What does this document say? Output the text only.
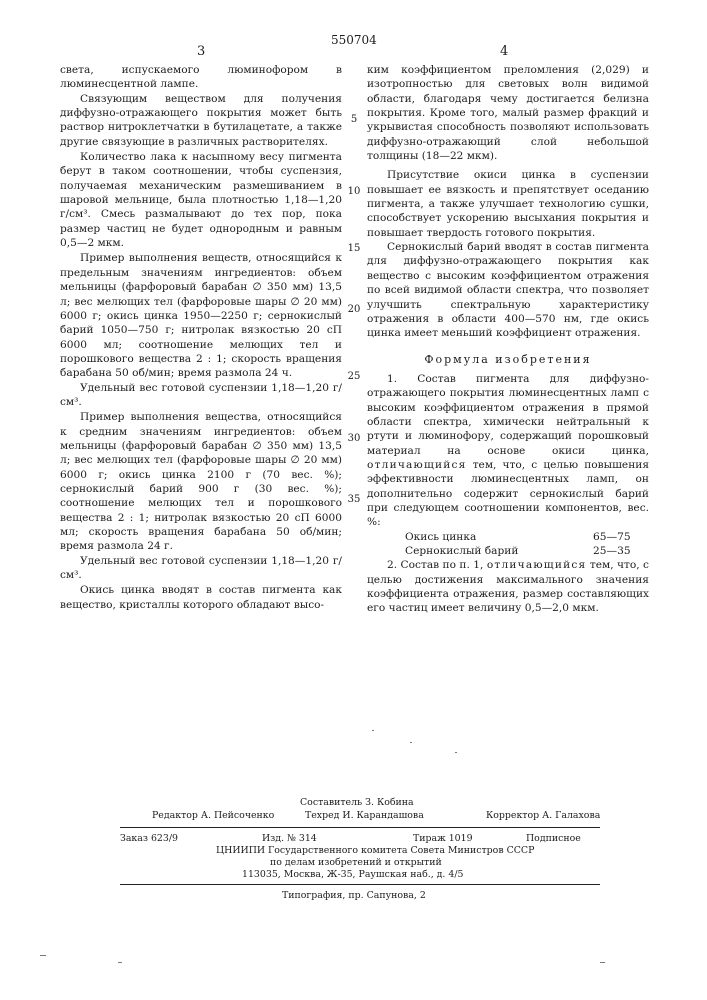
3
550704
4
5
10
15
20
25
30
35

света, испускаемого люминофором в люминесцентной лампе.

Связующим веществом для получения диффузно-отражающего покрытия может быть раствор нитроклетчатки в бутилацетате, а также другие связующие в различных растворителях.

Количество лака к насыпному весу пигмента берут в таком соотношении, чтобы суспензия, получаемая механическим размешиванием в шаровой мельнице, была плотностью 1,18—1,20 г/см³. Смесь размалывают до тех пор, пока размер частиц не будет однородным и равным 0,5—2 мкм.

Пример выполнения веществ, относящийся к предельным значениям ингредиентов: объем мельницы (фарфоровый барабан ∅ 350 мм) 13,5 л; вес мелющих тел (фарфоровые шары ∅ 20 мм) 6000 г; окись цинка 1950—2250 г; сернокислый барий 1050—750 г; нитролак вязкостью 20 сП 6000 мл; соотношение мелющих тел и порошкового вещества 2 : 1; скорость вращения барабана 50 об/мин; время размола 24 ч.

Удельный вес готовой суспензии 1,18—1,20 г/см³.

Пример выполнения вещества, относящийся к средним значениям ингредиентов: объем мельницы (фарфоровый барабан ∅ 350 мм) 13,5 л; вес мелющих тел (фарфоровые шары ∅ 20 мм) 6000 г; окись цинка 2100 г (70 вес. %); сернокислый барий 900 г (30 вес. %); соотношение мелющих тел и порошкового вещества 2 : 1; нитролак вязкостью 20 сП 6000 мл; скорость вращения барабана 50 об/мин; время размола 24 г.

Удельный вес готовой суспензии 1,18—1,20 г/см³.

Окись цинка вводят в состав пигмента как вещество, кристаллы которого обладают высо-

ким коэффициентом преломления (2,029) и изотропностью для световых волн видимой области, благодаря чему достигается белизна покрытия. Кроме того, малый размер фракций и укрывистая способность позволяют использовать диффузно-отражающий слой небольшой толщины (18—22 мкм).

Присутствие окиси цинка в суспензии повышает ее вязкость и препятствует оседанию пигмента, а также улучшает технологию сушки, способствует ускорению высыхания покрытия и повышает твердость готового покрытия.

Сернокислый барий вводят в состав пигмента для диффузно-отражающего покрытия как вещество с высоким коэффициентом отражения по всей видимой области спектра, что позволяет улучшить спектральную характеристику отражения в области 400—570 нм, где окись цинка имеет меньший коэффициент отражения.

Формула изобретения

1. Состав пигмента для диффузно-отражающего покрытия люминесцентных ламп с высоким коэффициентом отражения в прямой области спектра, химически нейтральный к ртути и люминофору, содержащий порошковый материал на основе окиси цинка, отличающийся тем, что, с целью повышения эффективности люминесцентных ламп, он дополнительно содержит сернокислый барий при следующем соотношении компонентов, вес. %:

Окись цинка	65—75
Сернокислый барий	25—35

2. Состав по п. 1, отличающийся тем, что, с целью достижения максимального значения коэффициента отражения, размер составляющих его частиц имеет величину 0,5—2,0 мкм.

Составитель З. Кобина
Редактор А. Пейсоченко	Техред И. Карандашова	Корректор А. Галахова
Заказ 623/9	Изд. № 314	Тираж 1019	Подписное
ЦНИИПИ Государственного комитета Совета Министров СССР
по делам изобретений и открытий
113035, Москва, Ж-35, Раушская наб., д. 4/5
Типография, пр. Сапунова, 2
